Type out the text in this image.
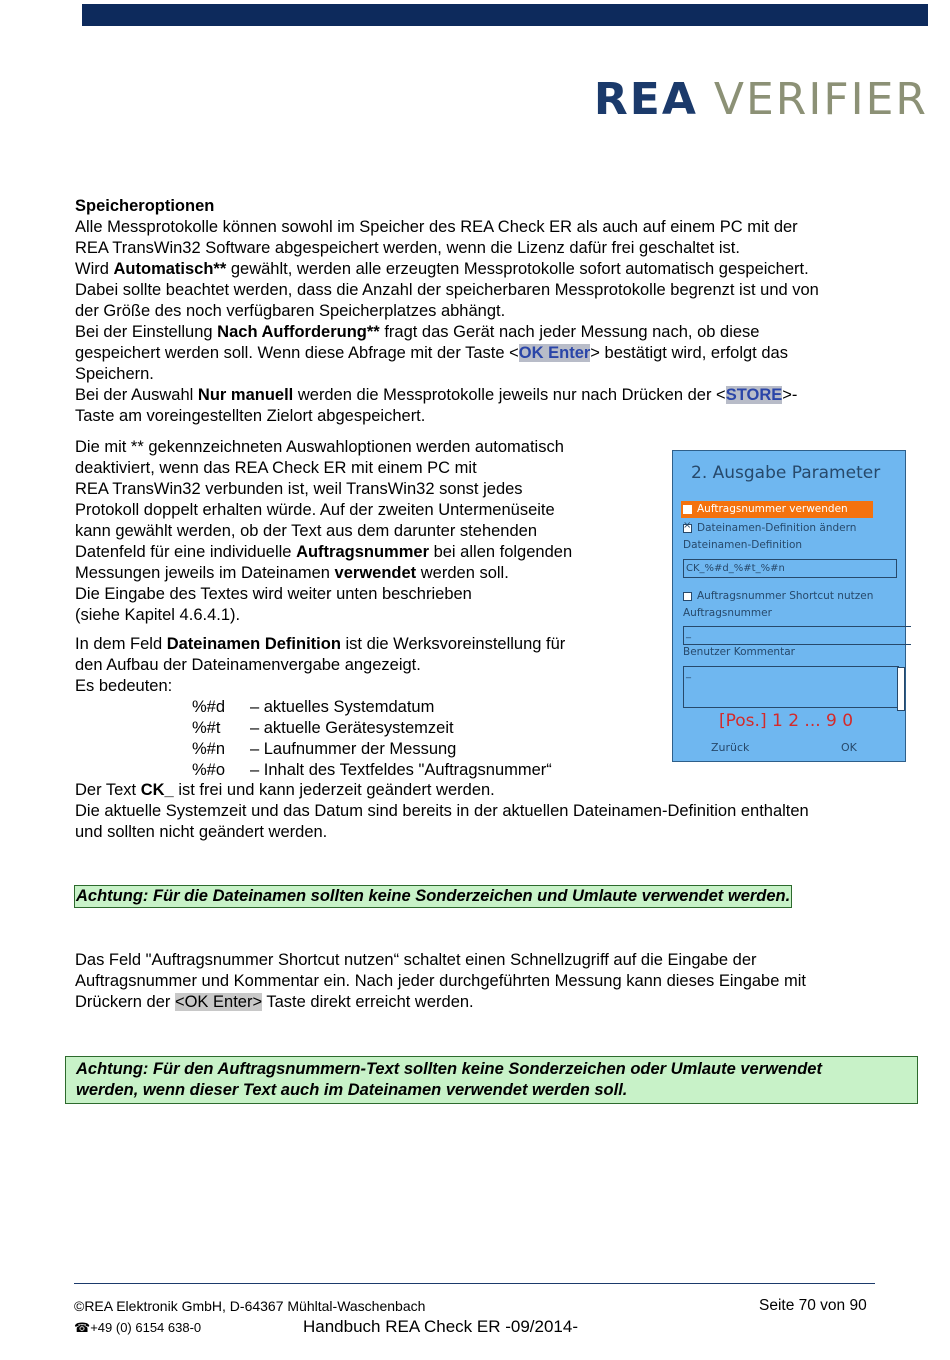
REA VERIFIER

Speicheroptionen

Alle Messprotokolle können sowohl im Speicher des REA Check ER als auch auf einem PC mit der

REA TransWin32 Software abgespeichert werden, wenn die Lizenz dafür frei geschaltet ist.

Wird Automatisch** gewählt, werden alle erzeugten Messprotokolle sofort automatisch gespeichert.

Dabei sollte beachtet werden, dass die Anzahl der speicherbaren Messprotokolle begrenzt ist und von

der Größe des noch verfügbaren Speicherplatzes abhängt.

Bei der Einstellung Nach Aufforderung** fragt das Gerät nach jeder Messung nach, ob diese

gespeichert werden soll. Wenn diese Abfrage mit der Taste <OK Enter> bestätigt wird, erfolgt das

Speichern.

Bei der Auswahl Nur manuell werden die Messprotokolle jeweils nur nach Drücken der <STORE>-

Taste am voreingestellten Zielort abgespeichert.

Die mit ** gekennzeichneten Auswahloptionen werden automatisch

deaktiviert, wenn das REA Check ER mit einem PC mit

REA TransWin32 verbunden ist, weil TransWin32 sonst jedes

Protokoll doppelt erhalten würde. Auf der zweiten Untermenüseite

kann gewählt werden, ob der Text aus dem darunter stehenden

Datenfeld für eine individuelle Auftragsnummer bei allen folgenden

Messungen jeweils im Dateinamen verwendet werden soll.

Die Eingabe des Textes wird weiter unten beschrieben

(siehe Kapitel 4.6.4.1).

In dem Feld Dateinamen Definition ist die Werksvoreinstellung für

den Aufbau der Dateinamenvergabe angezeigt.

Es bedeuten:

%#d	– aktuelles Systemdatum
%#t	– aktuelle Gerätesystemzeit
%#n	– Laufnummer der Messung
%#o	– Inhalt des Textfeldes "Auftragsnummer“
2. Ausgabe Parameter
Auftragsnummer verwenden
×Dateinamen-Definition ändern
Dateinamen-Definition
CK_%#d_%#t_%#n
Auftragsnummer Shortcut nutzen
Auftragsnummer
_
Benutzer Kommentar
_
[Pos.] 1 2 ... 9 0
Zurück	OK

Der Text CK_ ist frei und kann jederzeit geändert werden.

Die aktuelle Systemzeit und das Datum sind bereits in der aktuellen Dateinamen-Definition enthalten

und sollten nicht geändert werden.

Achtung: Für die Dateinamen sollten keine Sonderzeichen und Umlaute verwendet werden.

Das Feld "Auftragsnummer Shortcut nutzen“ schaltet einen Schnellzugriff auf die Eingabe der

Auftragsnummer und Kommentar ein. Nach jeder durchgeführten Messung kann dieses Eingabe mit

Drückern der <OK Enter> Taste direkt erreicht werden.

Achtung: Für den Auftragsnummern-Text sollten keine Sonderzeichen oder Umlaute verwendet
werden, wenn dieser Text auch im Dateinamen verwendet werden soll.
©REA Elektronik GmbH, D-64367 Mühltal-Waschenbach	Seite 70 von 90
☎+49 (0) 6154 638-0	Handbuch REA Check ER -09/2014-
